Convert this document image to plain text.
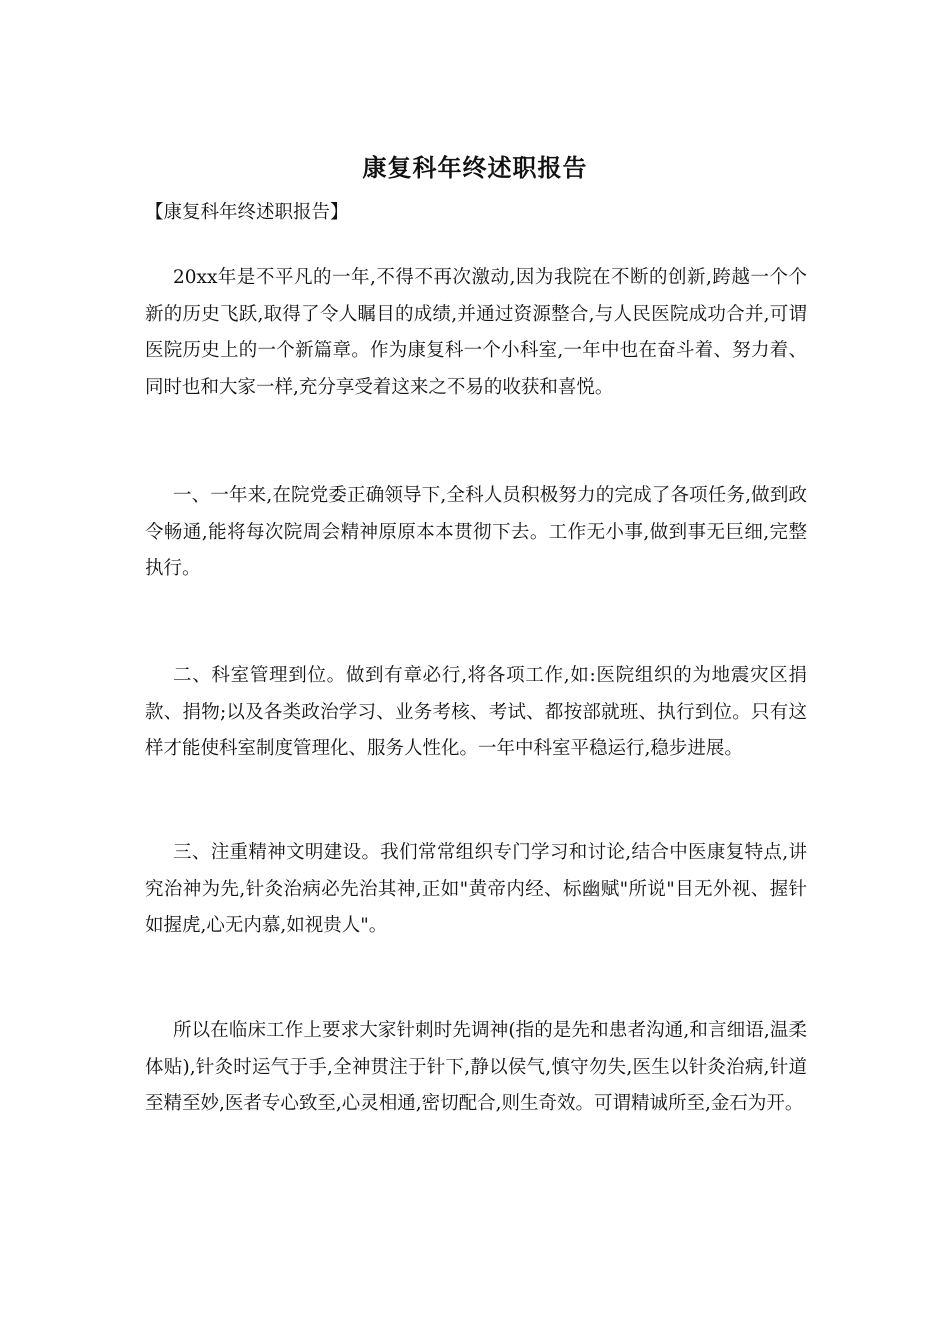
康复科年终述职报告
【康复科年终述职报告】

20xx年是不平凡的一年,不得不再次激动,因为我院在不断的创新,跨越一个个新的历史飞跃,取得了令人瞩目的成绩,并通过资源整合,与人民医院成功合并,可谓医院历史上的一个新篇章。作为康复科一个小科室,一年中也在奋斗着、努力着、同时也和大家一样,充分享受着这来之不易的收获和喜悦。

一、一年来,在院党委正确领导下,全科人员积极努力的完成了各项任务,做到政令畅通,能将每次院周会精神原原本本贯彻下去。工作无小事,做到事无巨细,完整执行。

二、科室管理到位。做到有章必行,将各项工作,如:医院组织的为地震灾区捐款、捐物;以及各类政治学习、业务考核、考试、都按部就班、执行到位。只有这样才能使科室制度管理化、服务人性化。一年中科室平稳运行,稳步进展。

三、注重精神文明建设。我们常常组织专门学习和讨论,结合中医康复特点,讲究治神为先,针灸治病必先治其神,正如"黄帝内经、标幽赋"所说"目无外视、握针如握虎,心无内慕,如视贵人"。

所以在临床工作上要求大家针刺时先调神(指的是先和患者沟通,和言细语,温柔体贴),针灸时运气于手,全神贯注于针下,静以侯气,慎守勿失,医生以针灸治病,针道至精至妙,医者专心致至,心灵相通,密切配合,则生奇效。可谓精诚所至,金石为开。
